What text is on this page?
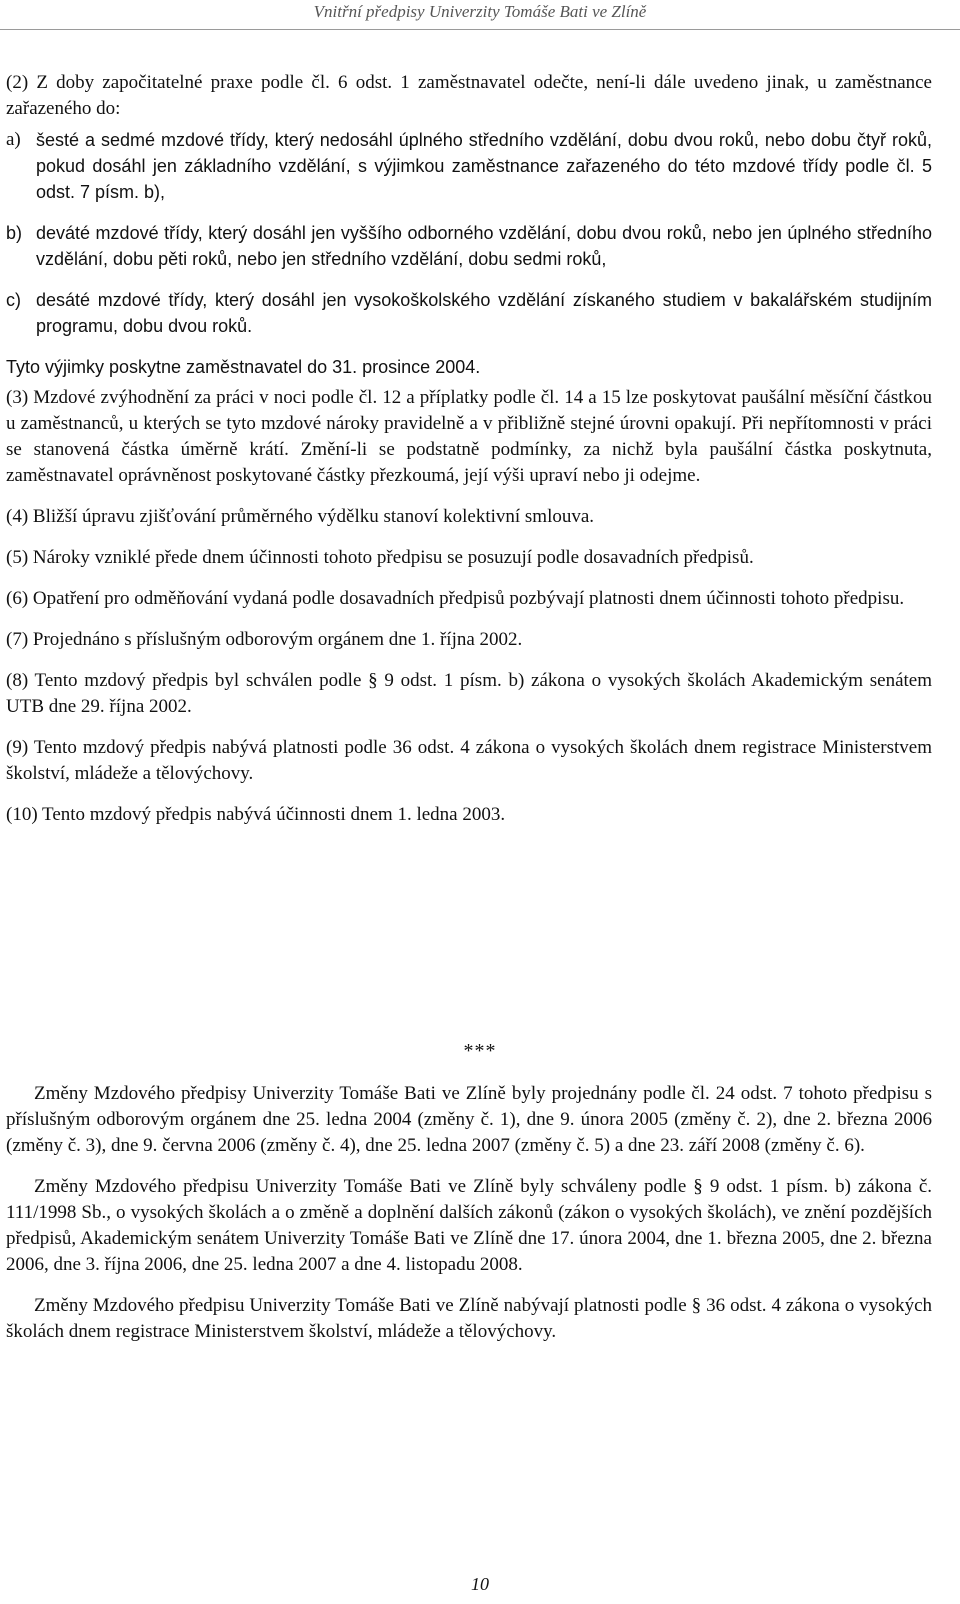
Vnitřní předpisy Univerzity Tomáše Bati ve Zlíně

(2) Z doby započitatelné praxe podle čl. 6 odst. 1 zaměstnavatel odečte, není-li dále uvedeno jinak, u zaměstnance zařazeného do:

a) šesté a sedmé mzdové třídy, který nedosáhl úplného středního vzdělání, dobu dvou roků, nebo dobu čtyř roků, pokud dosáhl jen základního vzdělání, s výjimkou zaměstnance zařazeného do této mzdové třídy podle čl. 5 odst. 7 písm. b),
b) deváté mzdové třídy, který dosáhl jen vyššího odborného vzdělání, dobu dvou roků, nebo jen úplného středního vzdělání, dobu pěti roků, nebo jen středního vzdělání, dobu sedmi roků,
c) desáté mzdové třídy, který dosáhl jen vysokoškolského vzdělání získaného studiem v bakalářském studijním programu, dobu dvou roků.

Tyto výjimky poskytne zaměstnavatel do 31. prosince 2004.

(3) Mzdové zvýhodnění za práci v noci podle čl. 12 a příplatky podle čl. 14 a 15 lze poskytovat paušální měsíční částkou u zaměstnanců, u kterých se tyto mzdové nároky pravidelně a v přibližně stejné úrovni opakují. Při nepřítomnosti v práci se stanovená částka úměrně krátí. Změní-li se podstatně podmínky, za nichž byla paušální částka poskytnuta, zaměstnavatel oprávněnost poskytované částky přezkoumá, její výši upraví nebo ji odejme.

(4) Bližší úpravu zjišťování průměrného výdělku stanoví kolektivní smlouva.

(5) Nároky vzniklé přede dnem účinnosti tohoto předpisu se posuzují podle dosavadních předpisů.

(6) Opatření pro odměňování vydaná podle dosavadních předpisů pozbývají platnosti dnem účinnosti tohoto předpisu.

(7) Projednáno s příslušným odborovým orgánem dne 1. října 2002.

(8) Tento mzdový předpis byl schválen podle § 9 odst. 1 písm. b) zákona o vysokých školách Akademickým senátem UTB dne 29. října 2002.

(9) Tento mzdový předpis nabývá platnosti podle 36 odst. 4 zákona o vysokých školách dnem registrace Ministerstvem školství, mládeže a tělovýchovy.

(10) Tento mzdový předpis nabývá účinnosti dnem 1. ledna 2003.

***

Změny Mzdového předpisy Univerzity Tomáše Bati ve Zlíně byly projednány podle čl. 24 odst. 7 tohoto předpisu s příslušným odborovým orgánem dne 25. ledna 2004 (změny č. 1), dne 9. února 2005 (změny č. 2), dne 2. března 2006 (změny č. 3), dne 9. června 2006 (změny č. 4), dne 25. ledna 2007 (změny č. 5) a dne 23. září 2008 (změny č. 6).

Změny Mzdového předpisu Univerzity Tomáše Bati ve Zlíně byly schváleny podle § 9 odst. 1 písm. b) zákona č. 111/1998 Sb., o vysokých školách a o změně a doplnění dalších zákonů (zákon o vysokých školách), ve znění pozdějších předpisů, Akademickým senátem Univerzity Tomáše Bati ve Zlíně dne 17. února 2004, dne 1. března 2005, dne 2. března 2006, dne 3. října 2006, dne 25. ledna 2007 a dne 4. listopadu 2008.

Změny Mzdového předpisu Univerzity Tomáše Bati ve Zlíně nabývají platnosti podle § 36 odst. 4 zákona o vysokých školách dnem registrace Ministerstvem školství, mládeže a tělovýchovy.

10
